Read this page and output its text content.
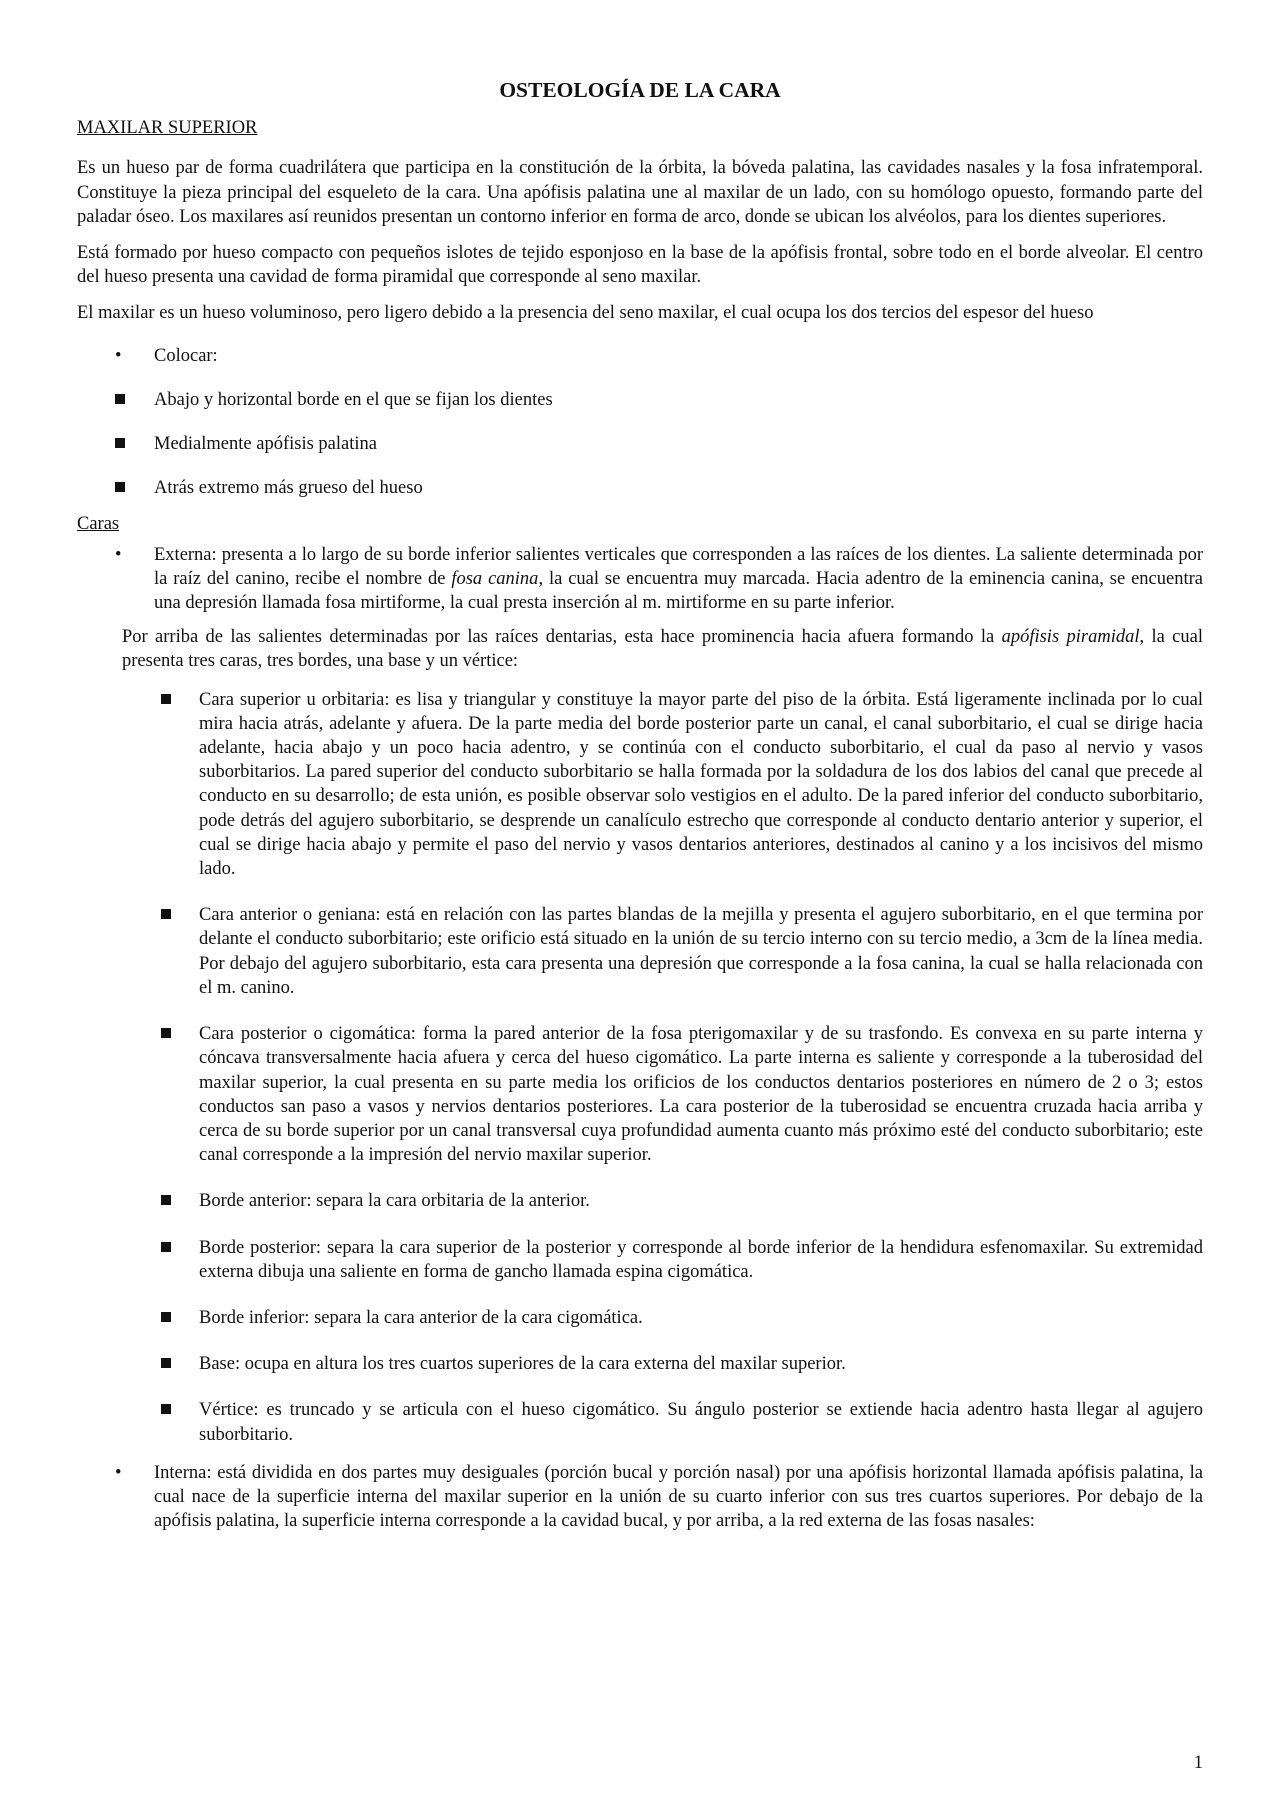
OSTEOLOGÍA DE LA CARA
MAXILAR SUPERIOR

Es un hueso par de forma cuadrilátera que participa en la constitución de la órbita, la bóveda palatina, las cavidades nasales y la fosa infratemporal. Constituye la pieza principal del esqueleto de la cara. Una apófisis palatina une al maxilar de un lado, con su homólogo opuesto, formando parte del paladar óseo. Los maxilares así reunidos presentan un contorno inferior en forma de arco, donde se ubican los alvéolos, para los dientes superiores.

Está formado por hueso compacto con pequeños islotes de tejido esponjoso en la base de la apófisis frontal, sobre todo en el borde alveolar. El centro del hueso presenta una cavidad de forma piramidal que corresponde al seno maxilar.

El maxilar es un hueso voluminoso, pero ligero debido a la presencia del seno maxilar, el cual ocupa los dos tercios del espesor del hueso

• Colocar:
Abajo y horizontal borde en el que se fijan los dientes
Medialmente apófisis palatina
Atrás extremo más grueso del hueso
Caras
• Externa: presenta a lo largo de su borde inferior salientes verticales que corresponden a las raíces de los dientes. La saliente determinada por la raíz del canino, recibe el nombre de fosa canina, la cual se encuentra muy marcada. Hacia adentro de la eminencia canina, se encuentra una depresión llamada fosa mirtiforme, la cual presta inserción al m. mirtiforme en su parte inferior.

Por arriba de las salientes determinadas por las raíces dentarias, esta hace prominencia hacia afuera formando la apófisis piramidal, la cual presenta tres caras, tres bordes, una base y un vértice:

Cara superior u orbitaria: es lisa y triangular y constituye la mayor parte del piso de la órbita. Está ligeramente inclinada por lo cual mira hacia atrás, adelante y afuera. De la parte media del borde posterior parte un canal, el canal suborbitario, el cual se dirige hacia adelante, hacia abajo y un poco hacia adentro, y se continúa con el conducto suborbitario, el cual da paso al nervio y vasos suborbitarios. La pared superior del conducto suborbitario se halla formada por la soldadura de los dos labios del canal que precede al conducto en su desarrollo; de esta unión, es posible observar solo vestigios en el adulto. De la pared inferior del conducto suborbitario, pode detrás del agujero suborbitario, se desprende un canalículo estrecho que corresponde al conducto dentario anterior y superior, el cual se dirige hacia abajo y permite el paso del nervio y vasos dentarios anteriores, destinados al canino y a los incisivos del mismo lado.
Cara anterior o geniana: está en relación con las partes blandas de la mejilla y presenta el agujero suborbitario, en el que termina por delante el conducto suborbitario; este orificio está situado en la unión de su tercio interno con su tercio medio, a 3cm de la línea media. Por debajo del agujero suborbitario, esta cara presenta una depresión que corresponde a la fosa canina, la cual se halla relacionada con el m. canino.
Cara posterior o cigomática: forma la pared anterior de la fosa pterigomaxilar y de su trasfondo. Es convexa en su parte interna y cóncava transversalmente hacia afuera y cerca del hueso cigomático. La parte interna es saliente y corresponde a la tuberosidad del maxilar superior, la cual presenta en su parte media los orificios de los conductos dentarios posteriores en número de 2 o 3; estos conductos san paso a vasos y nervios dentarios posteriores. La cara posterior de la tuberosidad se encuentra cruzada hacia arriba y cerca de su borde superior por un canal transversal cuya profundidad aumenta cuanto más próximo esté del conducto suborbitario; este canal corresponde a la impresión del nervio maxilar superior.
Borde anterior: separa la cara orbitaria de la anterior.
Borde posterior: separa la cara superior de la posterior y corresponde al borde inferior de la hendidura esfenomaxilar. Su extremidad externa dibuja una saliente en forma de gancho llamada espina cigomática.
Borde inferior: separa la cara anterior de la cara cigomática.
Base: ocupa en altura los tres cuartos superiores de la cara externa del maxilar superior.
Vértice: es truncado y se articula con el hueso cigomático. Su ángulo posterior se extiende hacia adentro hasta llegar al agujero suborbitario.
• Interna: está dividida en dos partes muy desiguales (porción bucal y porción nasal) por una apófisis horizontal llamada apófisis palatina, la cual nace de la superficie interna del maxilar superior en la unión de su cuarto inferior con sus tres cuartos superiores. Por debajo de la apófisis palatina, la superficie interna corresponde a la cavidad bucal, y por arriba, a la red externa de las fosas nasales:
1
